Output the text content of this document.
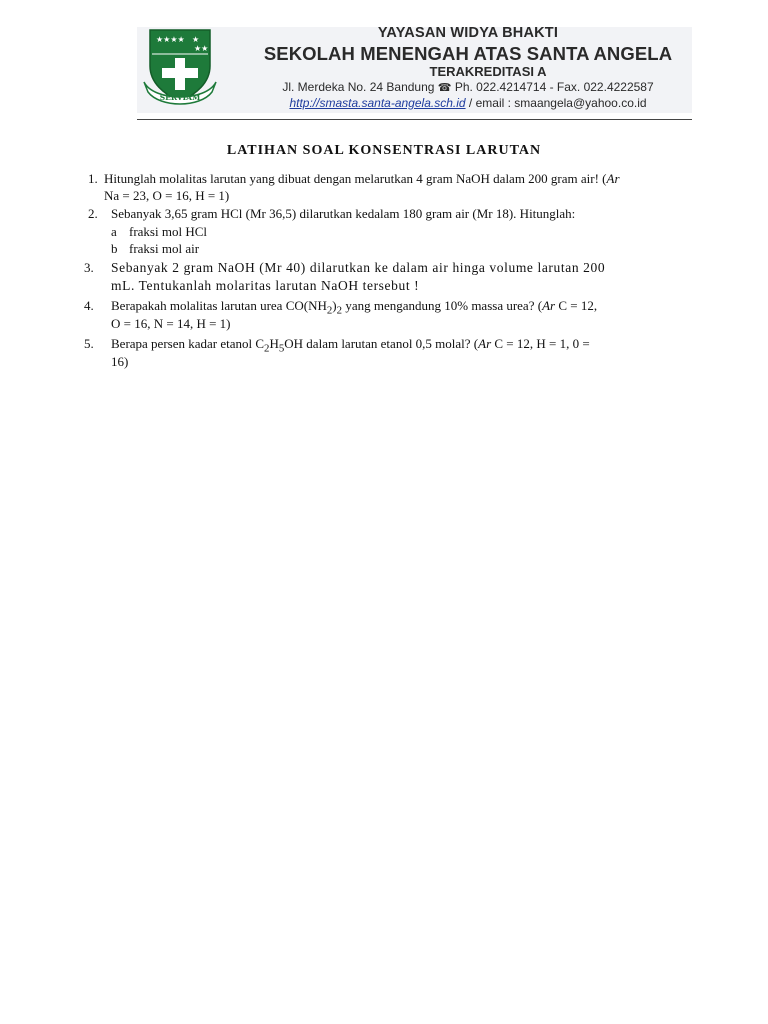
★★★★ ★
★★
SERVIAM
YAYASAN WIDYA BHAKTI
SEKOLAH MENENGAH ATAS SANTA ANGELA
TERAKREDITASI A
Jl. Merdeka No. 24 Bandung ☎ Ph. 022.4214714 - Fax. 022.4222587
http://smasta.santa-angela.sch.id / email : smaangela@yahoo.co.id
LATIHAN SOAL KONSENTRASI LARUTAN
1. Hitunglah molalitas larutan yang dibuat dengan melarutkan 4 gram NaOH dalam 200 gram air! (Ar
Na = 23, O = 16, H = 1)
2. Sebanyak 3,65 gram HCl (Mr 36,5) dilarutkan kedalam 180 gram air (Mr 18). Hitunglah:
a fraksi mol HCl
b fraksi mol air
3. Sebanyak 2 gram NaOH (Mr 40) dilarutkan ke dalam air hinga volume larutan 200
mL. Tentukanlah molaritas larutan NaOH tersebut !
4. Berapakah molalitas larutan urea $CO(NH_2)_2$ yang mengandung 10% massa urea? (Ar C = 12,
O = 16, N = 14, H = 1)
5. Berapa persen kadar etanol $C_2H_5OH$ dalam larutan etanol 0,5 molal? (Ar C = 12, H = 1, 0 =
16)
